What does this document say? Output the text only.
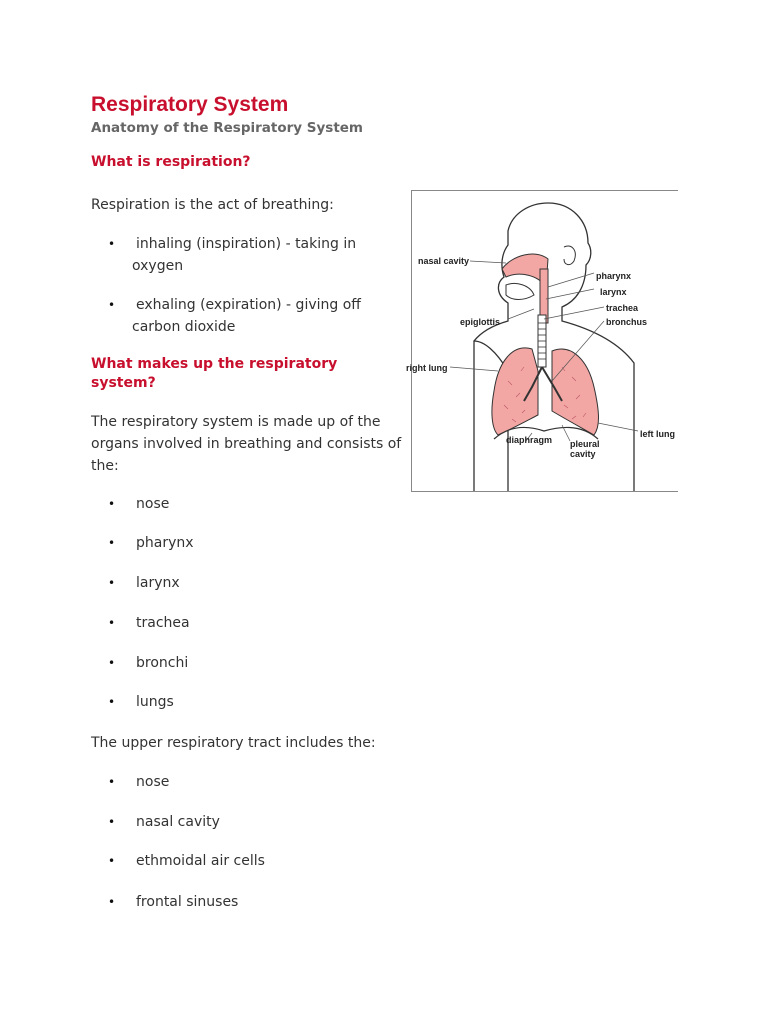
Respiratory System
Anatomy of the Respiratory System
What is respiration?
Respiration is the act of breathing:
• inhaling (inspiration) - taking in
oxygen
• exhaling (expiration) - giving off
carbon dioxide
What makes up the respiratory
system?
The respiratory system is made up of the
organs involved in breathing and consists of
the:
• nose
• pharynx
• larynx
• trachea
• bronchi
• lungs
The upper respiratory tract includes the:
• nose
• nasal cavity
• ethmoidal air cells
• frontal sinuses
nasal cavity
pharynx
larynx
trachea
bronchus
epiglottis
right lung
left lung
diaphragm pleural
cavity
